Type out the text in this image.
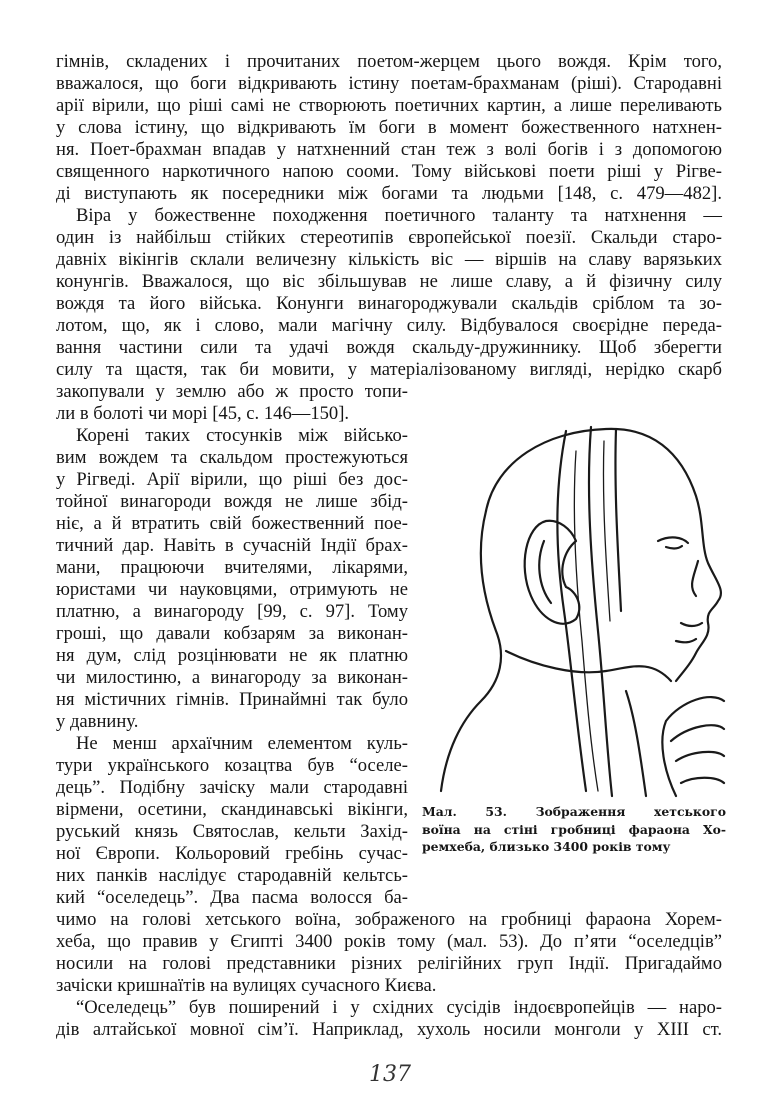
гімнів, складених і прочитаних поетом-жерцем цього вождя. Крім того,
вважалося, що боги відкривають істину поетам-брахманам (ріші). Стародавні
арії вірили, що ріші самі не створюють поетичних картин, а лише переливають
у слова істину, що відкривають їм боги в момент божественного натхнен-
ня. Поет-брахман впадав у натхненний стан теж з волі богів і з допомогою
священного наркотичного напою сооми. Тому військові поети ріші у Рігве-
ді виступають як посередники між богами та людьми [148, с. 479—482].
Віра у божественне походження поетичного таланту та натхнення —
один із найбільш стійких стереотипів європейської поезії. Скальди старо-
давніх вікінгів склали величезну кількість віс — віршів на славу варязьких
конунгів. Вважалося, що віс збільшував не лише славу, а й фізичну силу
вождя та його війська. Конунги винагороджували скальдів сріблом та зо-
лотом, що, як і слово, мали магічну силу. Відбувалося своєрідне переда-
вання частини сили та удачі вождя скальду-дружиннику. Щоб зберегти
силу та щастя, так би мовити, у матеріалізованому вигляді, нерідко скарб
закопували у землю або ж просто топи-
ли в болоті чи морі [45, с. 146—150].
Корені таких стосунків між військо-
вим вождем та скальдом простежуються
у Рігведі. Арії вірили, що ріші без дос-
тойної винагороди вождя не лише збід-
ніє, а й втратить свій божественний пое-
тичний дар. Навіть в сучасній Індії брах-
мани, працюючи вчителями, лікарями,
юристами чи науковцями, отримують не
платню, а винагороду [99, с. 97]. Тому
гроші, що давали кобзарям за виконан-
ня дум, слід розцінювати не як платню
чи милостиню, а винагороду за виконан-
ня містичних гімнів. Принаймні так було
у давнину.
Не менш архаїчним елементом куль-
тури українського козацтва був “оселе-
дець”. Подібну зачіску мали стародавні
вірмени, осетини, скандинавські вікінги,
руський князь Святослав, кельти Захід-
ної Європи. Кольоровий гребінь сучас-
них панків наслідує стародавній кельтсь-
кий “оселедець”. Два пасма волосся ба-
чимо на голові хетського воїна, зображеного на гробниці фараона Хорем-
хеба, що правив у Єгипті 3400 років тому (мал. 53). До п’яти “оселедців”
носили на голові представники різних релігійних груп Індії. Пригадаймо
зачіски кришнаїтів на вулицях сучасного Києва.
“Оселедець” був поширений і у східних сусідів індоєвропейців — наро-
дів алтайської мовної сім’ї. Наприклад, хухоль носили монголи у XIII ст.
Мал. 53. Зображення хетського
воїна на стіні гробниці фараона Хо-
ремхеба, близько 3400 років тому
137
